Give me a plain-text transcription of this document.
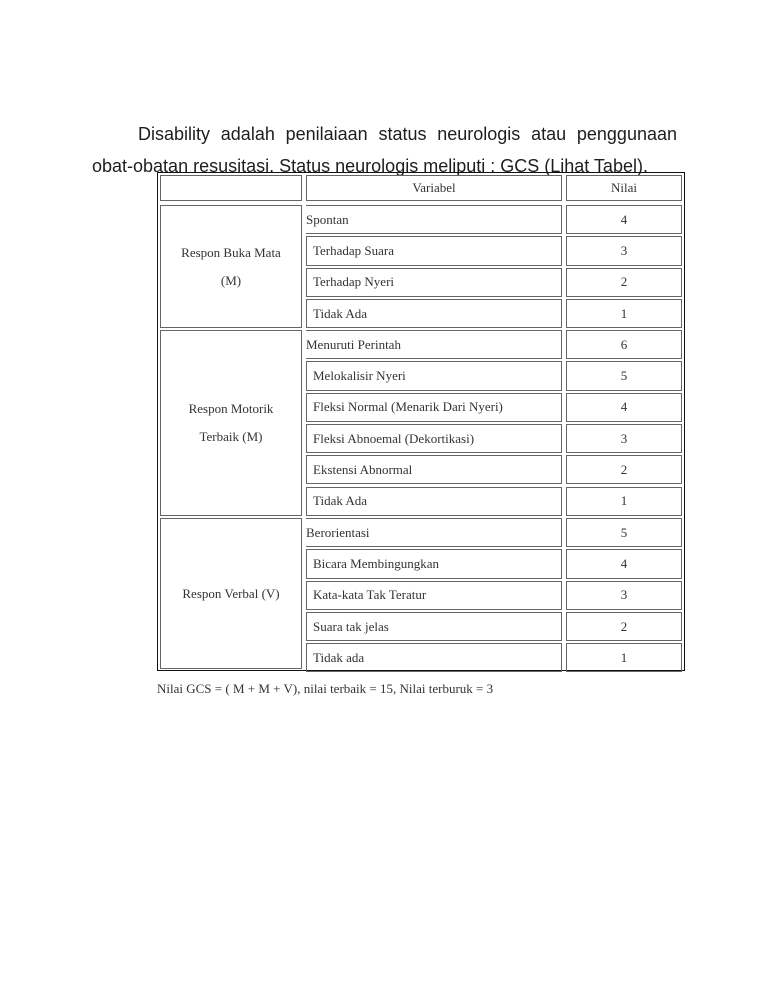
Disability adalah penilaiaan status neurologis atau penggunaan
obat-obatan resusitasi. Status neurologis meliputi : GCS (Lihat Tabel).

Variabel	Nilai
Respon Buka Mata
(M)
Spontan	4
Terhadap Suara	3
Terhadap Nyeri	2
Tidak Ada	1
Respon Motorik
Terbaik (M)
Menuruti Perintah	6
Melokalisir Nyeri	5
Fleksi Normal (Menarik Dari Nyeri)	4
Fleksi Abnoemal (Dekortikasi)	3
Ekstensi Abnormal	2
Tidak Ada	1
Respon Verbal (V)
Berorientasi	5
Bicara Membingungkan	4
Kata-kata Tak Teratur	3
Suara tak jelas	2
Tidak ada	1
Nilai GCS = ( M + M + V), nilai terbaik = 15, Nilai terburuk = 3
